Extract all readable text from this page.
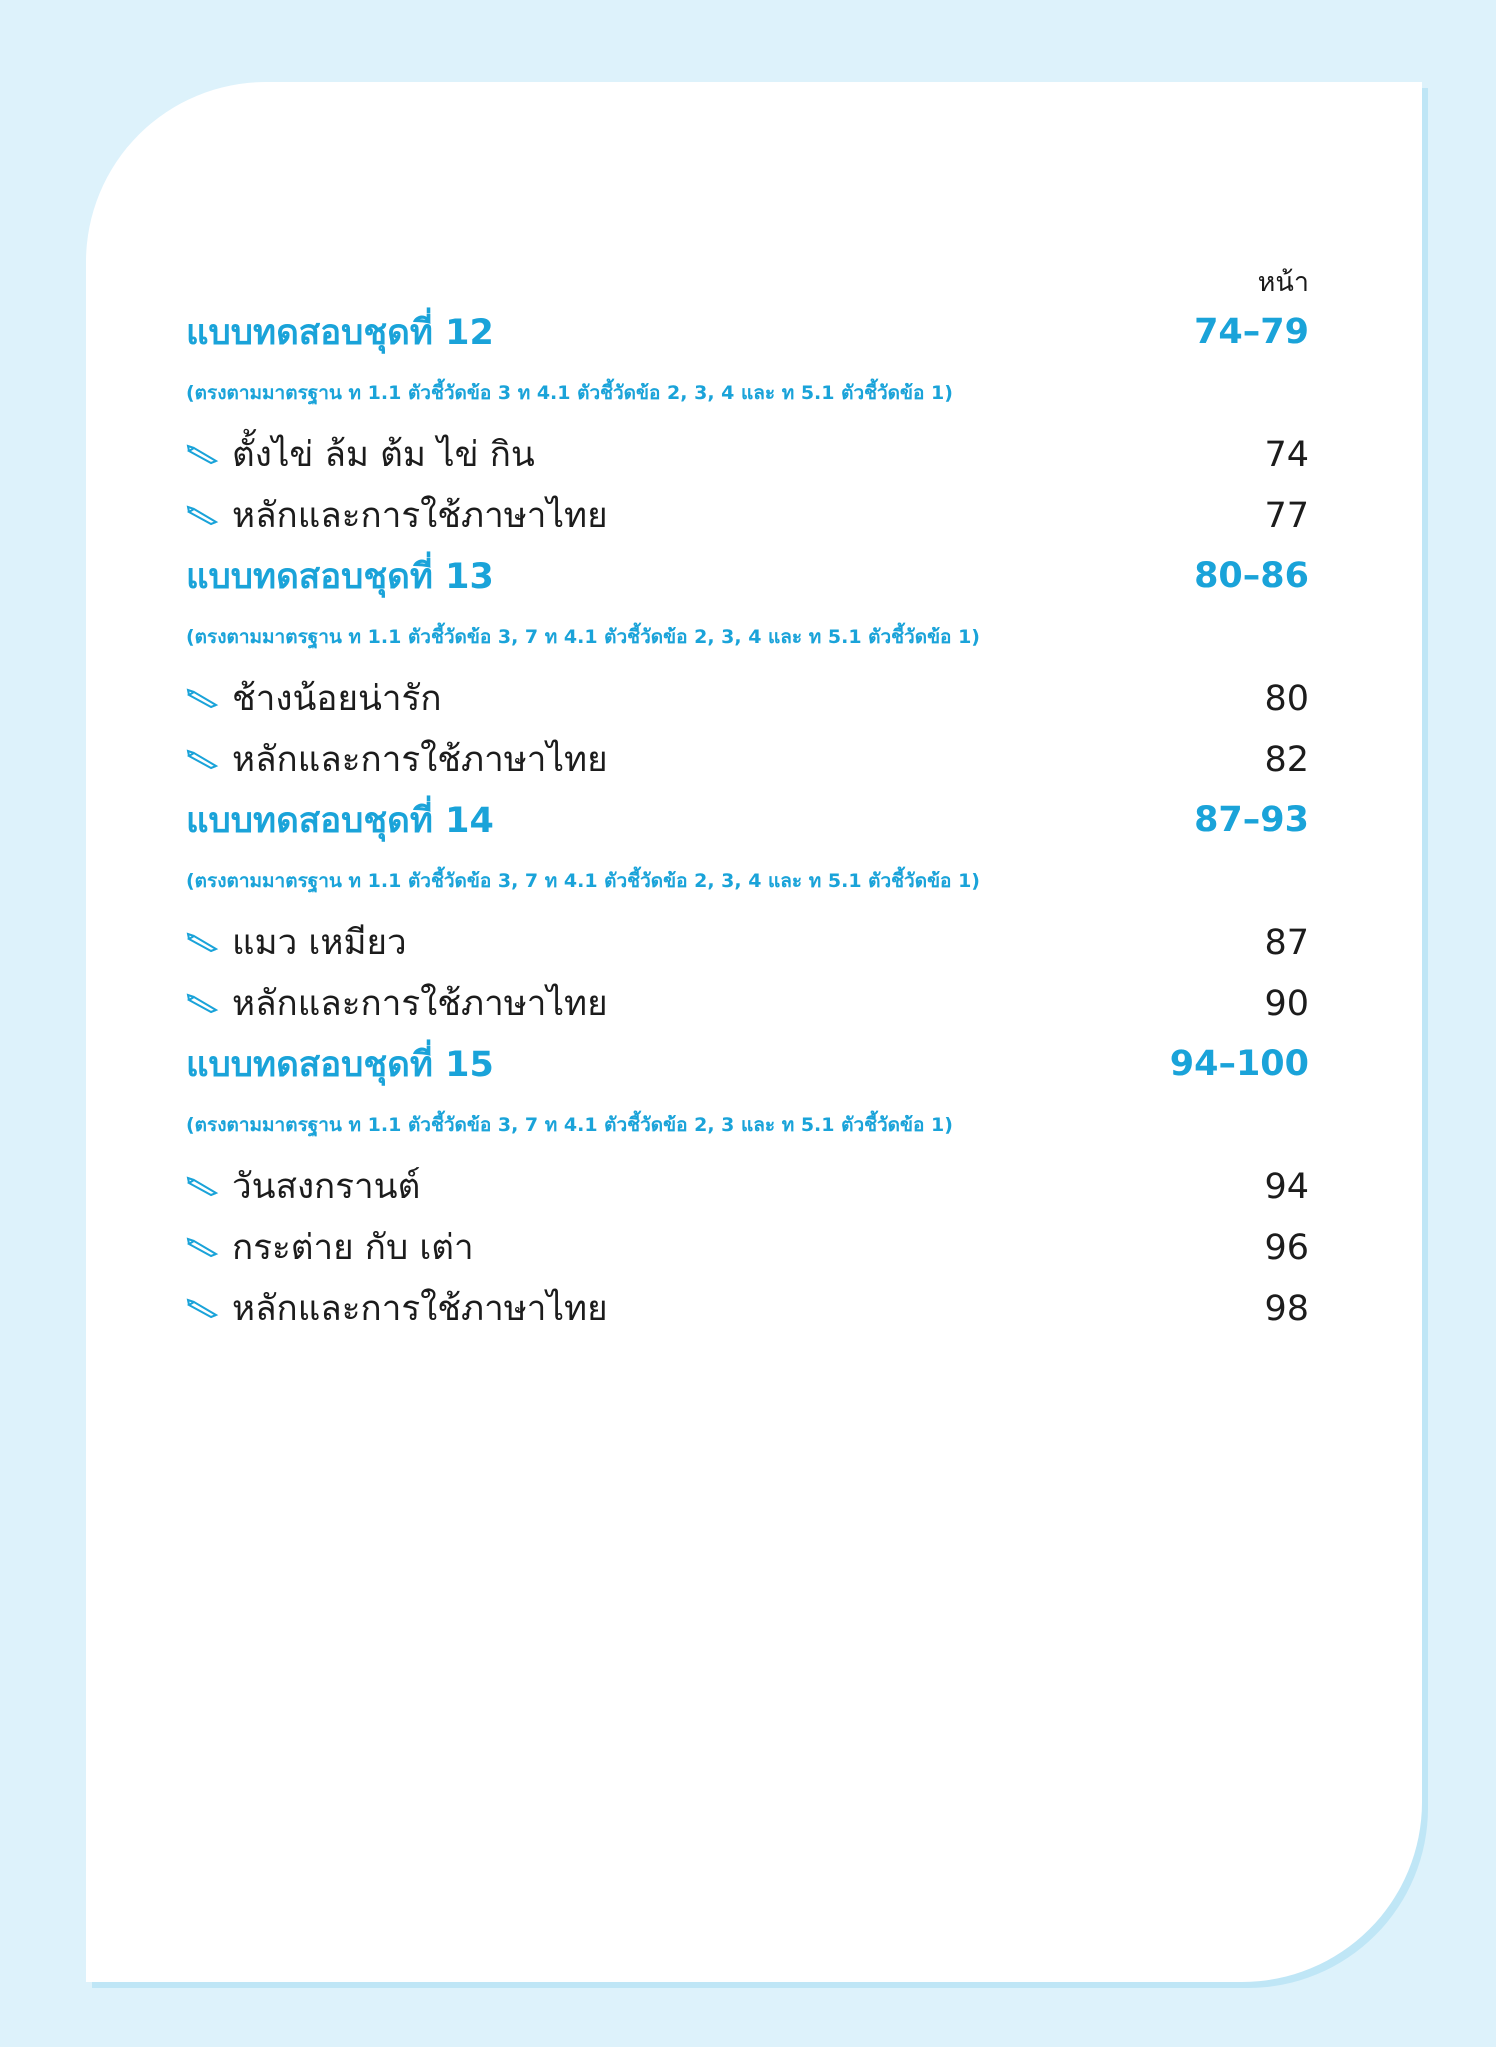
หน้า
แบบทดสอบชุดที่ 12	74–79
(ตรงตามมาตรฐาน ท 1.1 ตัวชี้วัดข้อ 3 ท 4.1 ตัวชี้วัดข้อ 2, 3, 4 และ ท 5.1 ตัวชี้วัดข้อ 1)
ตั้งไข่ ล้ม ต้ม ไข่ กิน	74
หลักและการใช้ภาษาไทย	77
แบบทดสอบชุดที่ 13	80–86
(ตรงตามมาตรฐาน ท 1.1 ตัวชี้วัดข้อ 3, 7 ท 4.1 ตัวชี้วัดข้อ 2, 3, 4 และ ท 5.1 ตัวชี้วัดข้อ 1)
ช้างน้อยน่ารัก	80
หลักและการใช้ภาษาไทย	82
แบบทดสอบชุดที่ 14	87–93
(ตรงตามมาตรฐาน ท 1.1 ตัวชี้วัดข้อ 3, 7 ท 4.1 ตัวชี้วัดข้อ 2, 3, 4 และ ท 5.1 ตัวชี้วัดข้อ 1)
แมว เหมียว	87
หลักและการใช้ภาษาไทย	90
แบบทดสอบชุดที่ 15	94–100
(ตรงตามมาตรฐาน ท 1.1 ตัวชี้วัดข้อ 3, 7 ท 4.1 ตัวชี้วัดข้อ 2, 3 และ ท 5.1 ตัวชี้วัดข้อ 1)
วันสงกรานต์	94
กระต่าย กับ เต่า	96
หลักและการใช้ภาษาไทย	98
